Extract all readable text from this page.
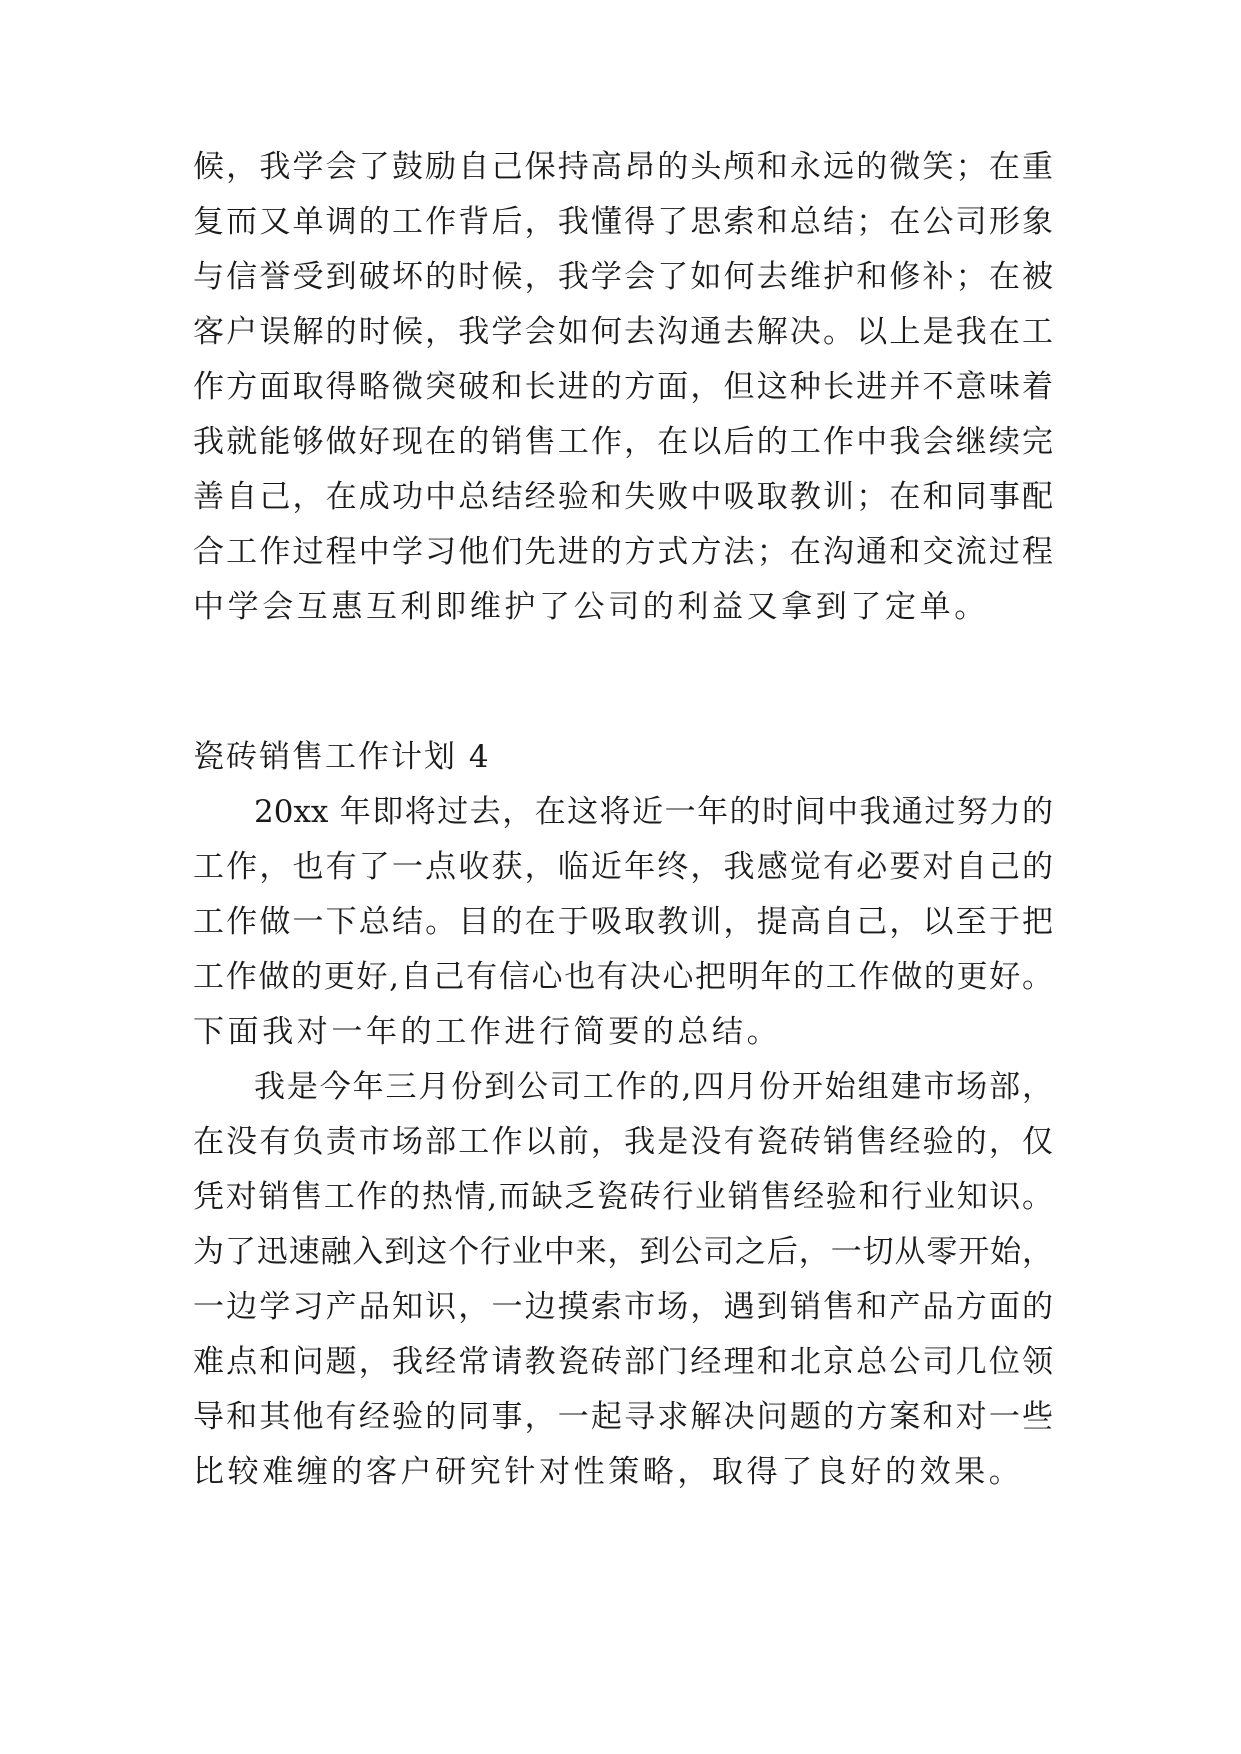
候，我学会了鼓励自己保持高昂的头颅和永远的微笑；在重
复而又单调的工作背后，我懂得了思索和总结；在公司形象
与信誉受到破坏的时候，我学会了如何去维护和修补；在被
客户误解的时候，我学会如何去沟通去解决。以上是我在工
作方面取得略微突破和长进的方面，但这种长进并不意味着
我就能够做好现在的销售工作，在以后的工作中我会继续完
善自己，在成功中总结经验和失败中吸取教训；在和同事配
合工作过程中学习他们先进的方式方法；在沟通和交流过程
中学会互惠互利即维护了公司的利益又拿到了定单。
瓷砖销售工作计划 4
20xx 年即将过去，在这将近一年的时间中我通过努力的
工作，也有了一点收获，临近年终，我感觉有必要对自己的
工作做一下总结。目的在于吸取教训，提高自己，以至于把
工作做的更好,自己有信心也有决心把明年的工作做的更好。
下面我对一年的工作进行简要的总结。
我是今年三月份到公司工作的,四月份开始组建市场部，
在没有负责市场部工作以前，我是没有瓷砖销售经验的，仅
凭对销售工作的热情,而缺乏瓷砖行业销售经验和行业知识。
为了迅速融入到这个行业中来，到公司之后，一切从零开始，
一边学习产品知识，一边摸索市场，遇到销售和产品方面的
难点和问题，我经常请教瓷砖部门经理和北京总公司几位领
导和其他有经验的同事，一起寻求解决问题的方案和对一些
比较难缠的客户研究针对性策略，取得了良好的效果。
